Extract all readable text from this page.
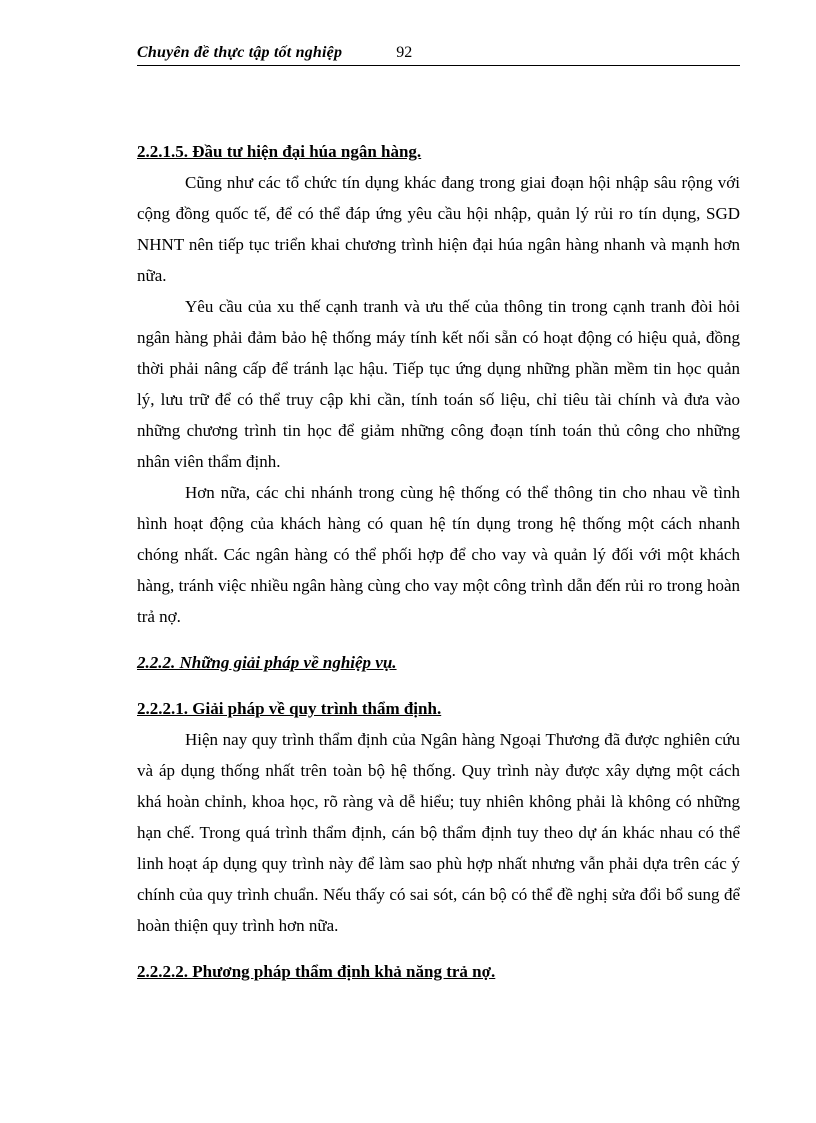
Chuyên đề thực tập tốt nghiệp	92
2.2.1.5. Đầu tư hiện đại húa ngân hàng.

Cũng như các tổ chức tín dụng khác đang trong giai đoạn hội nhập sâu rộng với cộng đồng quốc tế, để có thể đáp ứng yêu cầu hội nhập, quản lý rủi ro tín dụng, SGD NHNT nên tiếp tục triển khai chương trình hiện đại húa ngân hàng nhanh và mạnh hơn nữa.

Yêu cầu của xu thế cạnh tranh và ưu thế của thông tin trong cạnh tranh đòi hỏi ngân hàng phải đảm bảo hệ thống máy tính kết nối sẵn có hoạt động có hiệu quả, đồng thời phải nâng cấp để tránh lạc hậu. Tiếp tục ứng dụng những phần mềm tin học quản lý, lưu trữ để có thể truy cập khi cần, tính toán số liệu, chỉ tiêu tài chính và đưa vào những chương trình tin học để giảm những công đoạn tính toán thủ công cho những nhân viên thẩm định.

Hơn nữa, các chi nhánh trong cùng hệ thống có thể thông tin cho nhau về tình hình hoạt động của khách hàng có quan hệ tín dụng trong hệ thống một cách nhanh chóng nhất. Các ngân hàng có thể phối hợp để cho vay và quản lý đối với một khách hàng, tránh việc nhiều ngân hàng cùng cho vay một công trình dẫn đến rủi ro trong hoàn trả nợ.

2.2.2. Những giải pháp về nghiệp vụ.
2.2.2.1. Giải pháp về quy trình thẩm định.

Hiện nay quy trình thẩm định của Ngân hàng Ngoại Thương đã được nghiên cứu và áp dụng thống nhất trên toàn bộ hệ thống. Quy trình này được xây dựng một cách khá hoàn chỉnh, khoa học, rõ ràng và dễ hiểu; tuy nhiên không phải là không có những hạn chế. Trong quá trình thẩm định, cán bộ thẩm định tuy theo dự án khác nhau có thể linh hoạt áp dụng quy trình này để làm sao phù hợp nhất nhưng vẫn phải dựa trên các ý chính của quy trình chuẩn. Nếu thấy có sai sót, cán bộ có thể đề nghị sửa đổi bổ sung để hoàn thiện quy trình hơn nữa.

2.2.2.2. Phương pháp thẩm định khả năng trả nợ.
